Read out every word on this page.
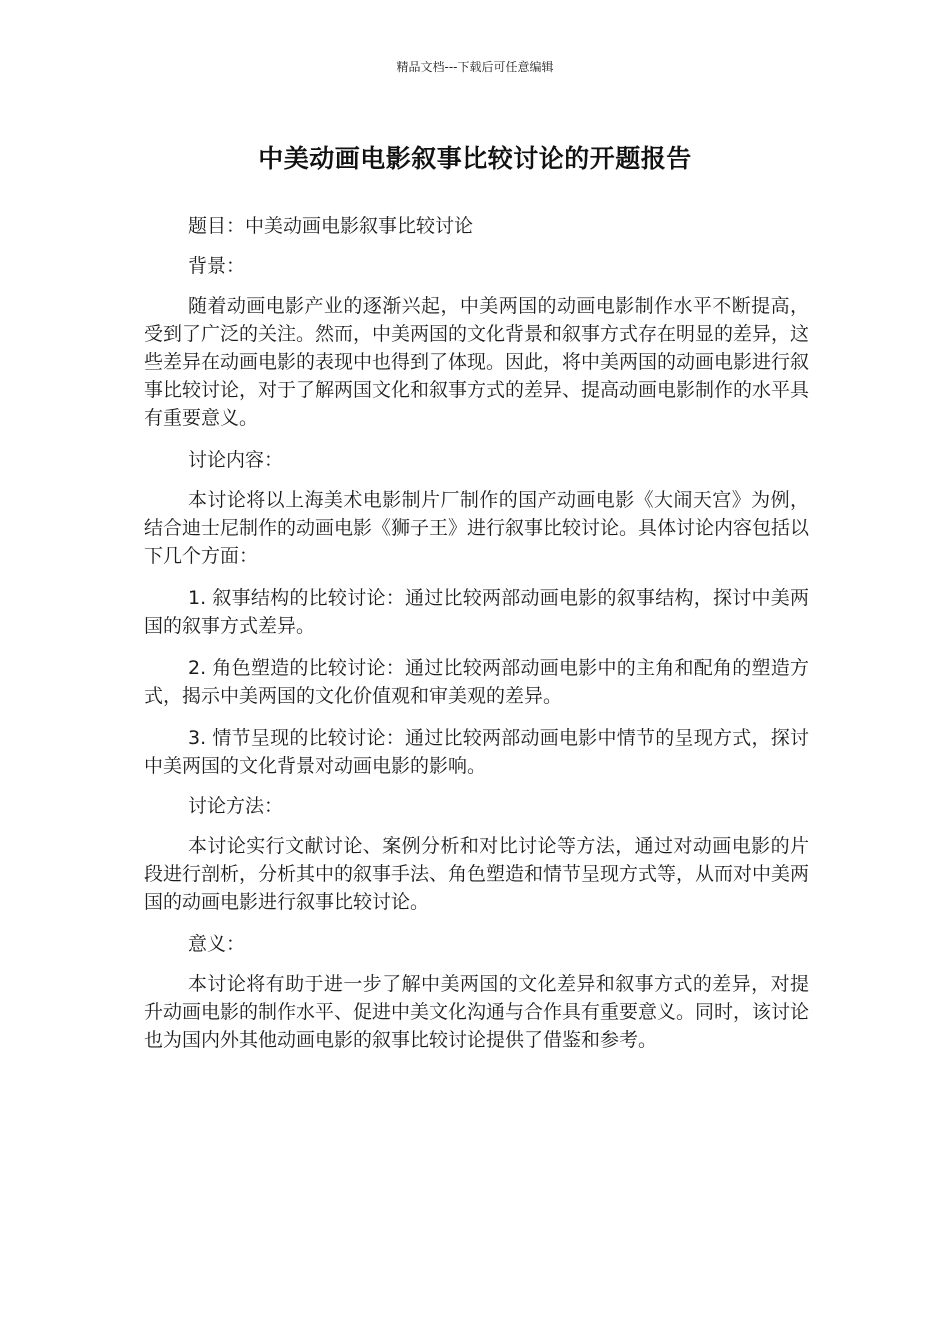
精品文档---下载后可任意编辑
中美动画电影叙事比较讨论的开题报告

题目：中美动画电影叙事比较讨论

背景：

随着动画电影产业的逐渐兴起，中美两国的动画电影制作水平不断提高，受到了广泛的关注。然而，中美两国的文化背景和叙事方式存在明显的差异，这些差异在动画电影的表现中也得到了体现。因此，将中美两国的动画电影进行叙事比较讨论，对于了解两国文化和叙事方式的差异、提高动画电影制作的水平具有重要意义。

讨论内容：

本讨论将以上海美术电影制片厂制作的国产动画电影《大闹天宫》为例，结合迪士尼制作的动画电影《狮子王》进行叙事比较讨论。具体讨论内容包括以下几个方面：

1. 叙事结构的比较讨论：通过比较两部动画电影的叙事结构，探讨中美两国的叙事方式差异。

2. 角色塑造的比较讨论：通过比较两部动画电影中的主角和配角的塑造方式，揭示中美两国的文化价值观和审美观的差异。

3. 情节呈现的比较讨论：通过比较两部动画电影中情节的呈现方式，探讨中美两国的文化背景对动画电影的影响。

讨论方法：

本讨论实行文献讨论、案例分析和对比讨论等方法，通过对动画电影的片段进行剖析，分析其中的叙事手法、角色塑造和情节呈现方式等，从而对中美两国的动画电影进行叙事比较讨论。

意义：

本讨论将有助于进一步了解中美两国的文化差异和叙事方式的差异，对提升动画电影的制作水平、促进中美文化沟通与合作具有重要意义。同时，该讨论也为国内外其他动画电影的叙事比较讨论提供了借鉴和参考。
